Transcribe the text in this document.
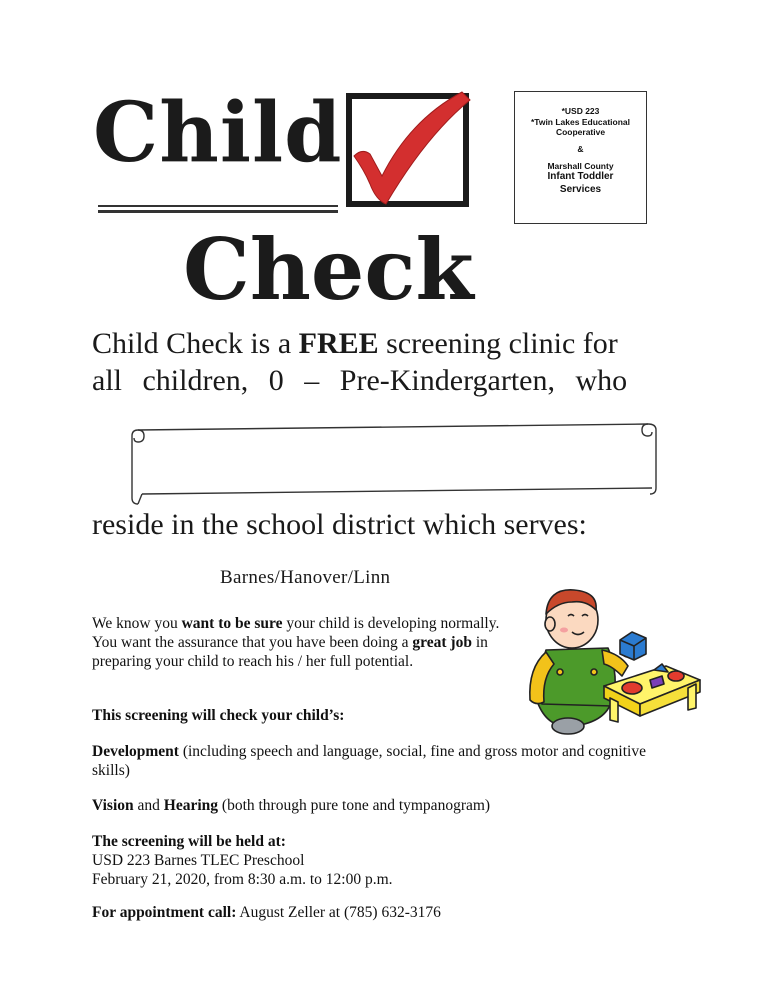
Child
Check
*USD 223
*Twin Lakes Educational
Cooperative
&
Marshall County
Infant Toddler
Services
Child Check is a FREE screening clinic for
all children, 0 – Pre-Kindergarten, who
reside in the school district which serves:
Barnes/Hanover/Linn
We know you want to be sure your child is developing normally. You want the assurance that you have been doing a great job in preparing your child to reach his / her full potential.
This screening will check your child’s:
Development (including speech and language, social, fine and gross motor and cognitive skills)
Vision and Hearing (both through pure tone and tympanogram)
The screening will be held at:
USD 223 Barnes TLEC Preschool
February 21, 2020, from 8:30 a.m. to 12:00 p.m.
For appointment call: August Zeller at (785) 632-3176
